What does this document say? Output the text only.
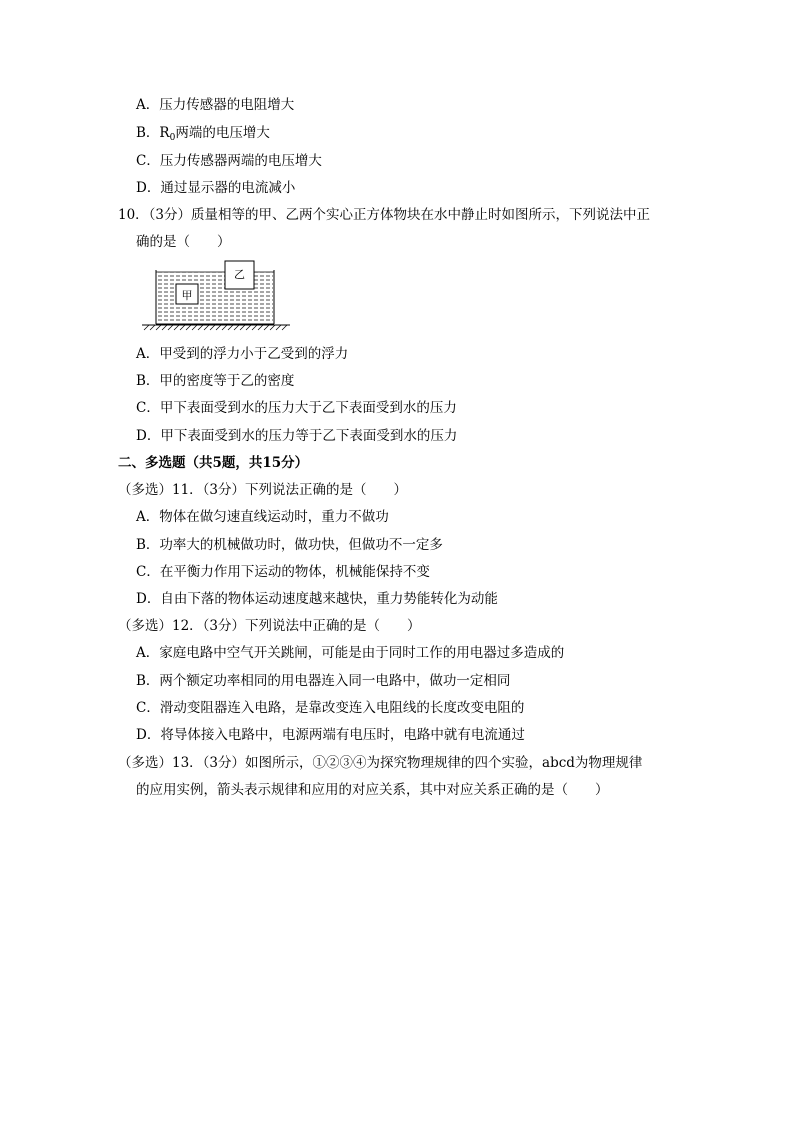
A．压力传感器的电阻增大
B．$R_0$两端的电压增大
C．压力传感器两端的电压增大
D．通过显示器的电流减小
10．（3分）质量相等的甲、乙两个实心正方体物块在水中静止时如图所示，下列说法中正
确的是（　　）
甲
乙
A．甲受到的浮力小于乙受到的浮力
B．甲的密度等于乙的密度
C．甲下表面受到水的压力大于乙下表面受到水的压力
D．甲下表面受到水的压力等于乙下表面受到水的压力
二、多选题（共5题，共15分）
（多选）11．（3分）下列说法正确的是（　　）
A．物体在做匀速直线运动时，重力不做功
B．功率大的机械做功时，做功快，但做功不一定多
C．在平衡力作用下运动的物体，机械能保持不变
D．自由下落的物体运动速度越来越快，重力势能转化为动能
（多选）12．（3分）下列说法中正确的是（　　）
A．家庭电路中空气开关跳闸，可能是由于同时工作的用电器过多造成的
B．两个额定功率相同的用电器连入同一电路中，做功一定相同
C．滑动变阻器连入电路，是靠改变连入电阻线的长度改变电阻的
D．将导体接入电路中，电源两端有电压时，电路中就有电流通过
（多选）13．（3分）如图所示，①②③④为探究物理规律的四个实验，abcd为物理规律
的应用实例，箭头表示规律和应用的对应关系，其中对应关系正确的是（　　）
